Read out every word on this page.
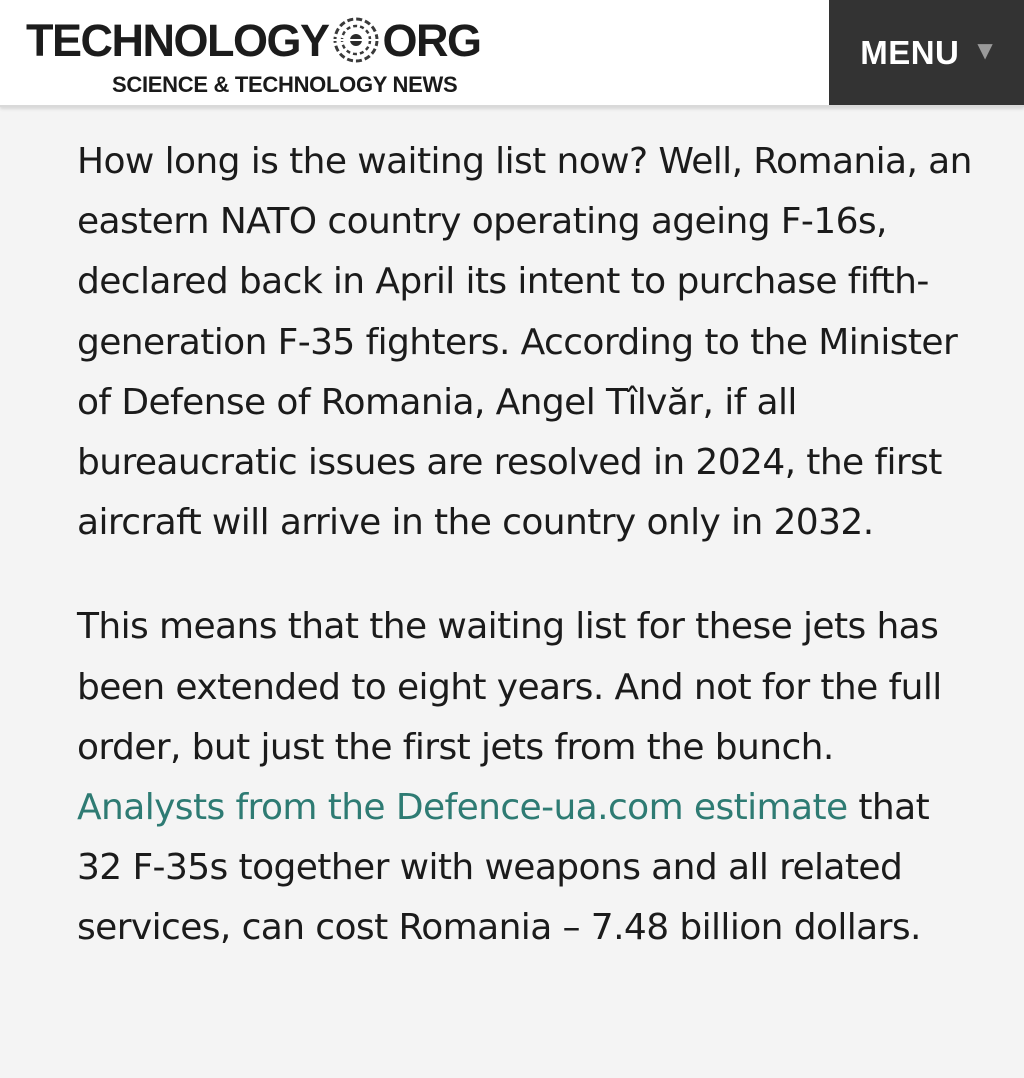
TECHNOLOGY ORG
SCIENCE & TECHNOLOGY NEWS
MENU ▼

How long is the waiting list now? Well, Romania, an eastern NATO country operating ageing F-16s, declared back in April its intent to purchase fifth-generation F-35 fighters. According to the Minister of Defense of Romania, Angel Tîlvăr, if all bureaucratic issues are resolved in 2024, the first aircraft will arrive in the country only in 2032.

This means that the waiting list for these jets has been extended to eight years. And not for the full order, but just the first jets from the bunch. Analysts from the Defence-ua.com estimate that 32 F-35s together with weapons and all related services, can cost Romania – 7.48 billion dollars.
